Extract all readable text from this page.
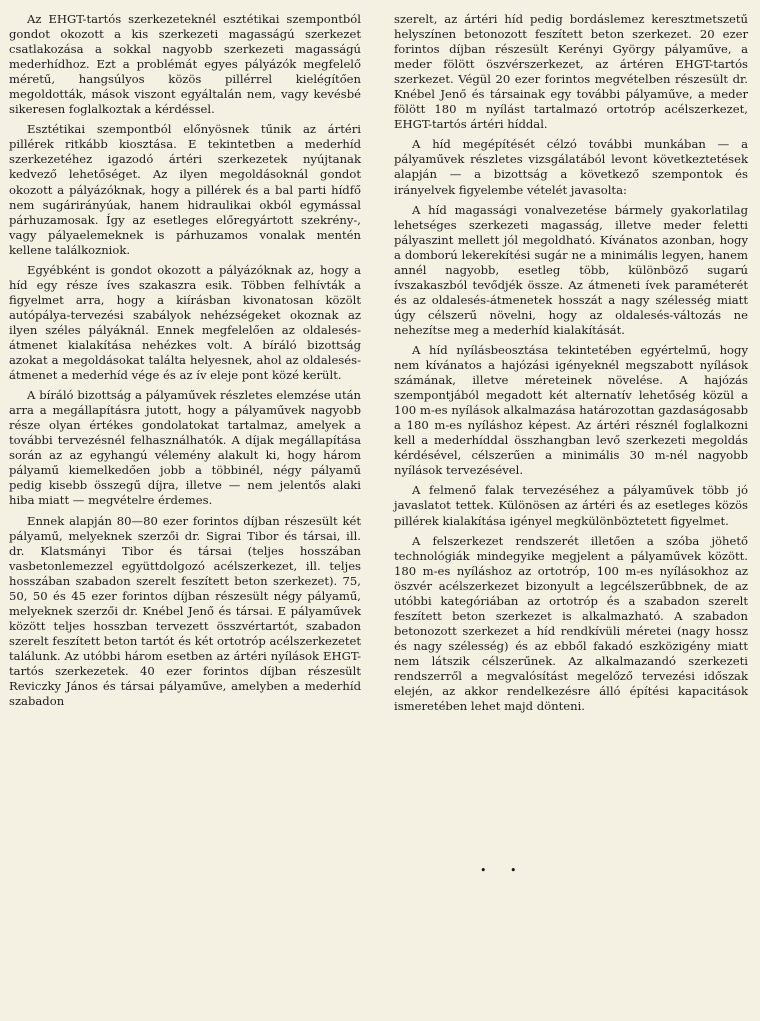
Az EHGT-tartós szerkezeteknél esztétikai szempontból gondot okozott a kis szerkezeti magasságú szerkezet csatlakozása a sokkal nagyobb szerkezeti magasságú mederhídhoz. Ezt a problémát egyes pályázók megfelelő méretű, hangsúlyos közös pillérrel kielégítően megoldották, mások viszont egyáltalán nem, vagy kevésbé sikeresen foglalkoztak a kérdéssel.

Esztétikai szempontból előnyösnek tűnik az ártéri pillérek ritkább kiosztása. E tekintetben a mederhíd szerkezetéhez igazodó ártéri szerkezetek nyújtanak kedvező lehetőséget. Az ilyen megoldásoknál gondot okozott a pályázóknak, hogy a pillérek és a bal parti hídfő nem sugárirányúak, hanem hidraulikai okból egymással párhuzamosak. Így az esetleges előregyártott szekrény-, vagy pályaelemeknek is párhuzamos vonalak mentén kellene találkozniok.

Egyébként is gondot okozott a pályázóknak az, hogy a híd egy része íves szakaszra esik. Többen felhívták a figyelmet arra, hogy a kiírásban kivonatosan közölt autópálya-tervezési szabályok nehézségeket okoznak az ilyen széles pályáknál. Ennek megfelelően az oldalesés-átmenet kialakítása nehézkes volt. A bíráló bizottság azokat a megoldásokat találta helyesnek, ahol az oldalesés-átmenet a mederhíd vége és az ív eleje pont közé került.

A bíráló bizottság a pályaművek részletes elemzése után arra a megállapításra jutott, hogy a pályaművek nagyobb része olyan értékes gondolatokat tartalmaz, amelyek a további tervezésnél felhasználhatók. A díjak megállapítása során az az egyhangú vélemény alakult ki, hogy három pályamű kiemelkedően jobb a többinél, négy pályamű pedig kisebb összegű díjra, illetve — nem jelentős alaki hiba miatt — megvételre érdemes.

Ennek alapján 80—80 ezer forintos díjban részesült két pályamű, melyeknek szerzői dr. Sigrai Tibor és társai, ill. dr. Klatsmányi Tibor és társai (teljes hosszában vasbetonlemezzel együttdolgozó acélszerkezet, ill. teljes hosszában szabadon szerelt feszített beton szerkezet). 75, 50, 50 és 45 ezer forintos díjban részesült négy pályamű, melyeknek szerzői dr. Knébel Jenő és társai. E pályaművek között teljes hosszban tervezett összvértartót, szabadon szerelt feszített beton tartót és két ortotróp acélszerkezetet találunk. Az utóbbi három esetben az ártéri nyílások EHGT-tartós szerkezetek. 40 ezer forintos díjban részesült Reviczky János és társai pályaműve, amelyben a mederhíd szabadon

szerelt, az ártéri híd pedig bordáslemez keresztmetszetű helyszínen betonozott feszített beton szerkezet. 20 ezer forintos díjban részesült Kerényi György pályaműve, a meder fölött öszvérszerkezet, az ártéren EHGT-tartós szerkezet. Végül 20 ezer forintos megvételben részesült dr. Knébel Jenő és társainak egy további pályaműve, a meder fölött 180 m nyílást tartalmazó ortotróp acélszerkezet, EHGT-tartós ártéri híddal.

A híd megépítését célzó további munkában — a pályaművek részletes vizsgálatából levont következtetések alapján — a bizottság a következő szempontok és irányelvek figyelembe vételét javasolta:

A híd magassági vonalvezetése bármely gyakorlatilag lehetséges szerkezeti magasság, illetve meder feletti pályaszint mellett jól megoldható. Kívánatos azonban, hogy a domború lekerekítési sugár ne a minimális legyen, hanem annél nagyobb, esetleg több, különböző sugarú ívszakaszból tevődjék össze. Az átmeneti ívek paraméterét és az oldalesés-átmenetek hosszát a nagy szélesség miatt úgy célszerű növelni, hogy az oldalesés-változás ne nehezítse meg a mederhíd kialakítását.

A híd nyílásbeosztása tekintetében egyértelmű, hogy nem kívánatos a hajózási igényeknél megszabott nyílások számának, illetve méreteinek növelése. A hajózás szempontjából megadott két alternatív lehetőség közül a 100 m-es nyílások alkalmazása határozottan gazdaságosabb a 180 m-es nyíláshoz képest. Az ártéri résznél foglalkozni kell a mederhíddal összhangban levő szerkezeti megoldás kérdésével, célszerűen a minimális 30 m-nél nagyobb nyílások tervezésével.

A felmenő falak tervezéséhez a pályaművek több jó javaslatot tettek. Különösen az ártéri és az esetleges közös pillérek kialakítása igényel megkülönböztetett figyelmet.

A felszerkezet rendszerét illetően a szóba jöhető technológiák mindegyike megjelent a pályaművek között. 180 m-es nyíláshoz az ortotróp, 100 m-es nyílásokhoz az öszvér acélszerkezet bizonyult a legcélszerűbbnek, de az utóbbi kategóriában az ortotróp és a szabadon szerelt feszített beton szerkezet is alkalmazható. A szabadon betonozott szerkezet a híd rendkívüli méretei (nagy hossz és nagy szélesség) és az ebből fakadó eszközigény miatt nem látszik célszerűnek. Az alkalmazandó szerkezeti rendszerről a megvalósítást megelőző tervezési időszak elején, az akkor rendelkezésre álló építési kapacitások ismeretében lehet majd dönteni.

• •
